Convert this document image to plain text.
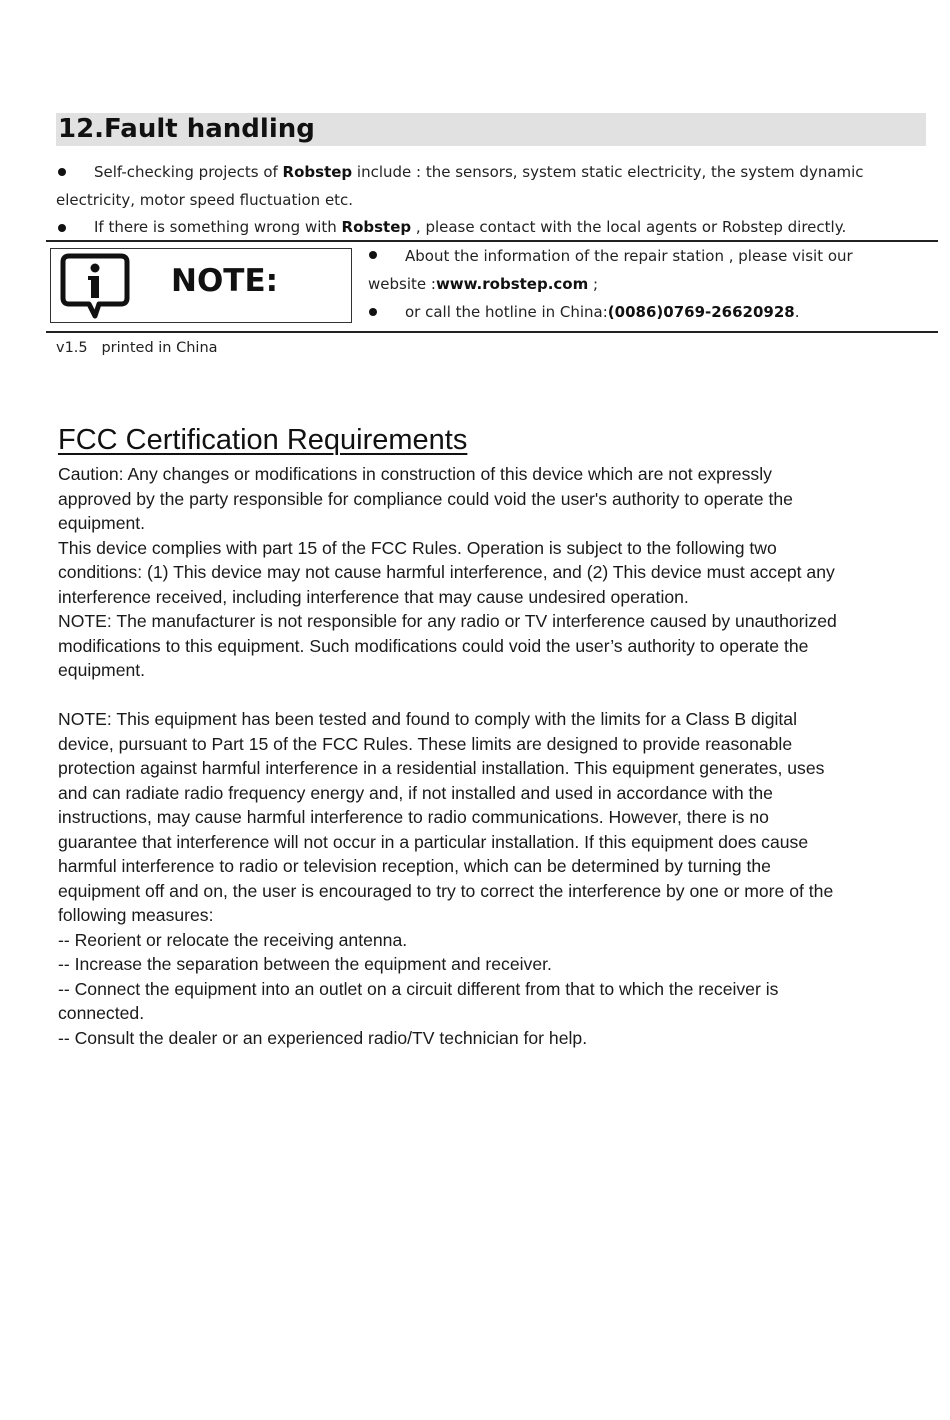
12.Fault handling
Self-checking projects of Robstep include : the sensors, system static electricity, the system dynamic
electricity, motor speed fluctuation etc.
If there is something wrong with Robstep , please contact with the local agents or Robstep directly.
NOTE:
About the information of the repair station , please visit our
website :www.robstep.com ;
or call the hotline in China:(0086)0769-26620928.
v1.5   printed in China
FCC Certification Requirements
Caution: Any changes or modifications in construction of this device which are not expressly
approved by the party responsible for compliance could void the user's authority to operate the
equipment.
This device complies with part 15 of the FCC Rules. Operation is subject to the following two
conditions: (1) This device may not cause harmful interference, and (2) This device must accept any
interference received, including interference that may cause undesired operation.
NOTE: The manufacturer is not responsible for any radio or TV interference caused by unauthorized
modifications to this equipment. Such modifications could void the user’s authority to operate the
equipment.
NOTE: This equipment has been tested and found to comply with the limits for a Class B digital
device, pursuant to Part 15 of the FCC Rules. These limits are designed to provide reasonable
protection against harmful interference in a residential installation. This equipment generates, uses
and can radiate radio frequency energy and, if not installed and used in accordance with the
instructions, may cause harmful interference to radio communications. However, there is no
guarantee that interference will not occur in a particular installation. If this equipment does cause
harmful interference to radio or television reception, which can be determined by turning the
equipment off and on, the user is encouraged to try to correct the interference by one or more of the
following measures:
-- Reorient or relocate the receiving antenna.
-- Increase the separation between the equipment and receiver.
-- Connect the equipment into an outlet on a circuit different from that to which the receiver is
connected.
-- Consult the dealer or an experienced radio/TV technician for help.
